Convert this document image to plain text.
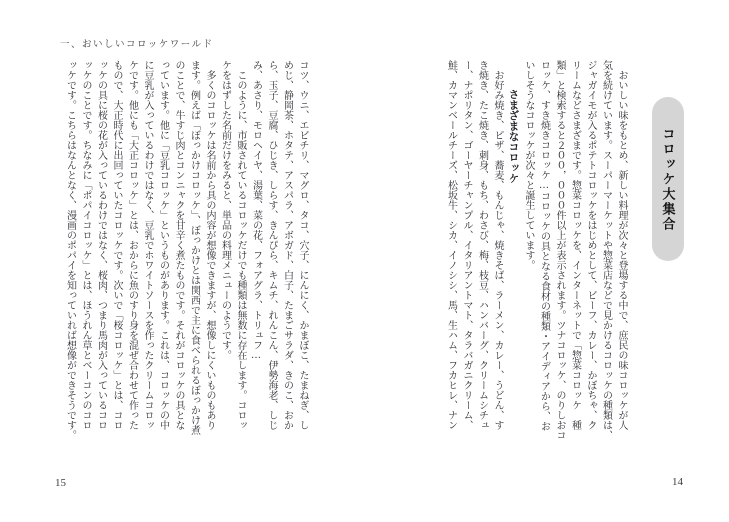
コロッケ大集合

　おいしい味をもとめ、新しい料理が次々と登場する中で、庶民の味コロッケが人

気を続けています。スーパーマーケットや惣菜店などで見かけるコロッケの種類は、

ジャガイモが入るポテトコロッケをはじめとして、ビーフ、カレー、かぼちゃ、ク

リームなどさまざまです。惣菜コロッケを、インターネットで「惣菜コロッケ　種

類」と検索すると２００，０００件以上が表示されます。ツナコロッケ、のりしおコ

ロッケ、すき焼きコロッケ…コロッケの具となる食材の種類・アイディアから、お

いしそうなコロッケが次々と誕生しています。

さまざまなコロッケ

　お好み焼き、ピザ、蕎麦、もんじゃ、焼きそば、ラーメン、カレー、うどん、す

き焼き、たこ焼き、刺身、もち、わさび、梅、枝豆、ハンバーグ、クリームシチュ

ー、ナポリタン、ゴーヤーチャンプル、イタリアントマト、タラバガニクリーム、

鮭、カマンベールチーズ、松坂牛、シカ、イノシシ、馬、生ハム、フカヒレ、ナン

14
一、おいしいコロッケワールド

コツ、ウニ、エビチリ、マグロ、タコ、穴子、にんにく、かまぼこ、たまねぎ、し

めじ、静岡茶、ホタテ、アスパラ、アボガド、白子、たまごサラダ、きのこ、おか

ら、玉子、豆腐、ひじき、しらす、きんぴら、キムチ、れんこん、伊勢海老、しじ

み、あさり、モロヘイヤ、湯葉、菜の花、フォアグラ、トリュフ…

　このように、市販されているコロッケだけでも種類は無数に存在します。コロッ

ケをはずした名前だけをみると、単品の料理メニューのようです。

　多くのコロッケは名前から具の内容が想像できますが、想像しにくいものもあり

ます。例えば「ぼっかけコロッケ」、ぼっかけとは関西で主に食べられるぼっかけ煮

のことで、牛すじ肉とコンニャクを甘辛く煮たものです。それがコロッケの具とな

っています。他に「豆乳コロッケ」というものがあります。これは、コロッケの中

に豆乳が入っているわけではなく、豆乳でホワイトソースを作ったクリームコロッ

ケです。他にも「大正コロッケ」とは、おからに魚のすり身を混ぜ合わせて作った

もので、大正時代に出回っていたコロッケです。次いで「桜コロッケ」とは、コロ

ッケの具に桜の花が入っているわけではなく、桜肉、つまり馬肉が入っているコロ

ッケのことです。ちなみに「ポパイコロッケ」とは、ほうれん草とベーコンのコロ

ッケです。こちらはなんとなく、漫画のポパイを知っていれば想像ができそうです。

15
